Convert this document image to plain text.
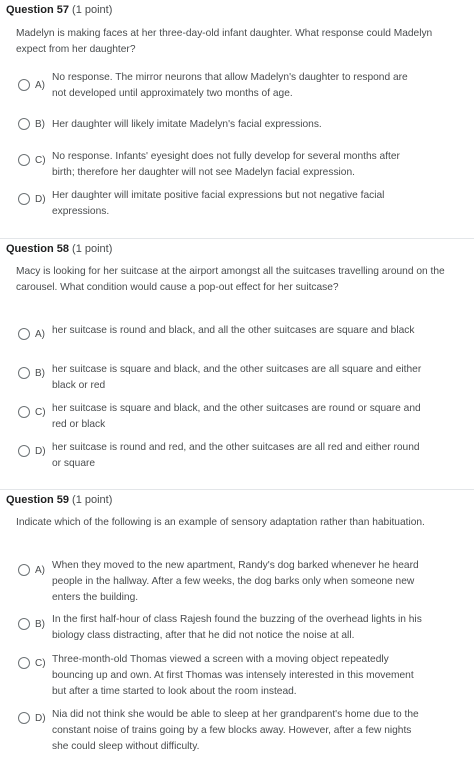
Question 57 (1 point)
Madelyn is making faces at her three-day-old infant daughter. What response could Madelyn expect from her daughter?
A)
No response. The mirror neurons that allow Madelyn's daughter to respond are not developed until approximately two months of age.
B) Her daughter will likely imitate Madelyn's facial expressions.
C) No response. Infants' eyesight does not fully develop for several months after birth; therefore her daughter will not see Madelyn facial expression.
D) Her daughter will imitate positive facial expressions but not negative facial expressions.
Question 58 (1 point)
Macy is looking for her suitcase at the airport amongst all the suitcases travelling around on the carousel. What condition would cause a pop-out effect for her suitcase?
A) her suitcase is round and black, and all the other suitcases are square and black
B) her suitcase is square and black, and the other suitcases are all square and either black or red
C) her suitcase is square and black, and the other suitcases are round or square and red or black
D) her suitcase is round and red, and the other suitcases are all red and either round or square
Question 59 (1 point)
Indicate which of the following is an example of sensory adaptation rather than habituation.
A) When they moved to the new apartment, Randy's dog barked whenever he heard people in the hallway. After a few weeks, the dog barks only when someone new enters the building.
B) In the first half-hour of class Rajesh found the buzzing of the overhead lights in his biology class distracting, after that he did not notice the noise at all.
C) Three-month-old Thomas viewed a screen with a moving object repeatedly bouncing up and own. At first Thomas was intensely interested in this movement but after a time started to look about the room instead.
D) Nia did not think she would be able to sleep at her grandparent's home due to the constant noise of trains going by a few blocks away. However, after a few nights she could sleep without difficulty.
